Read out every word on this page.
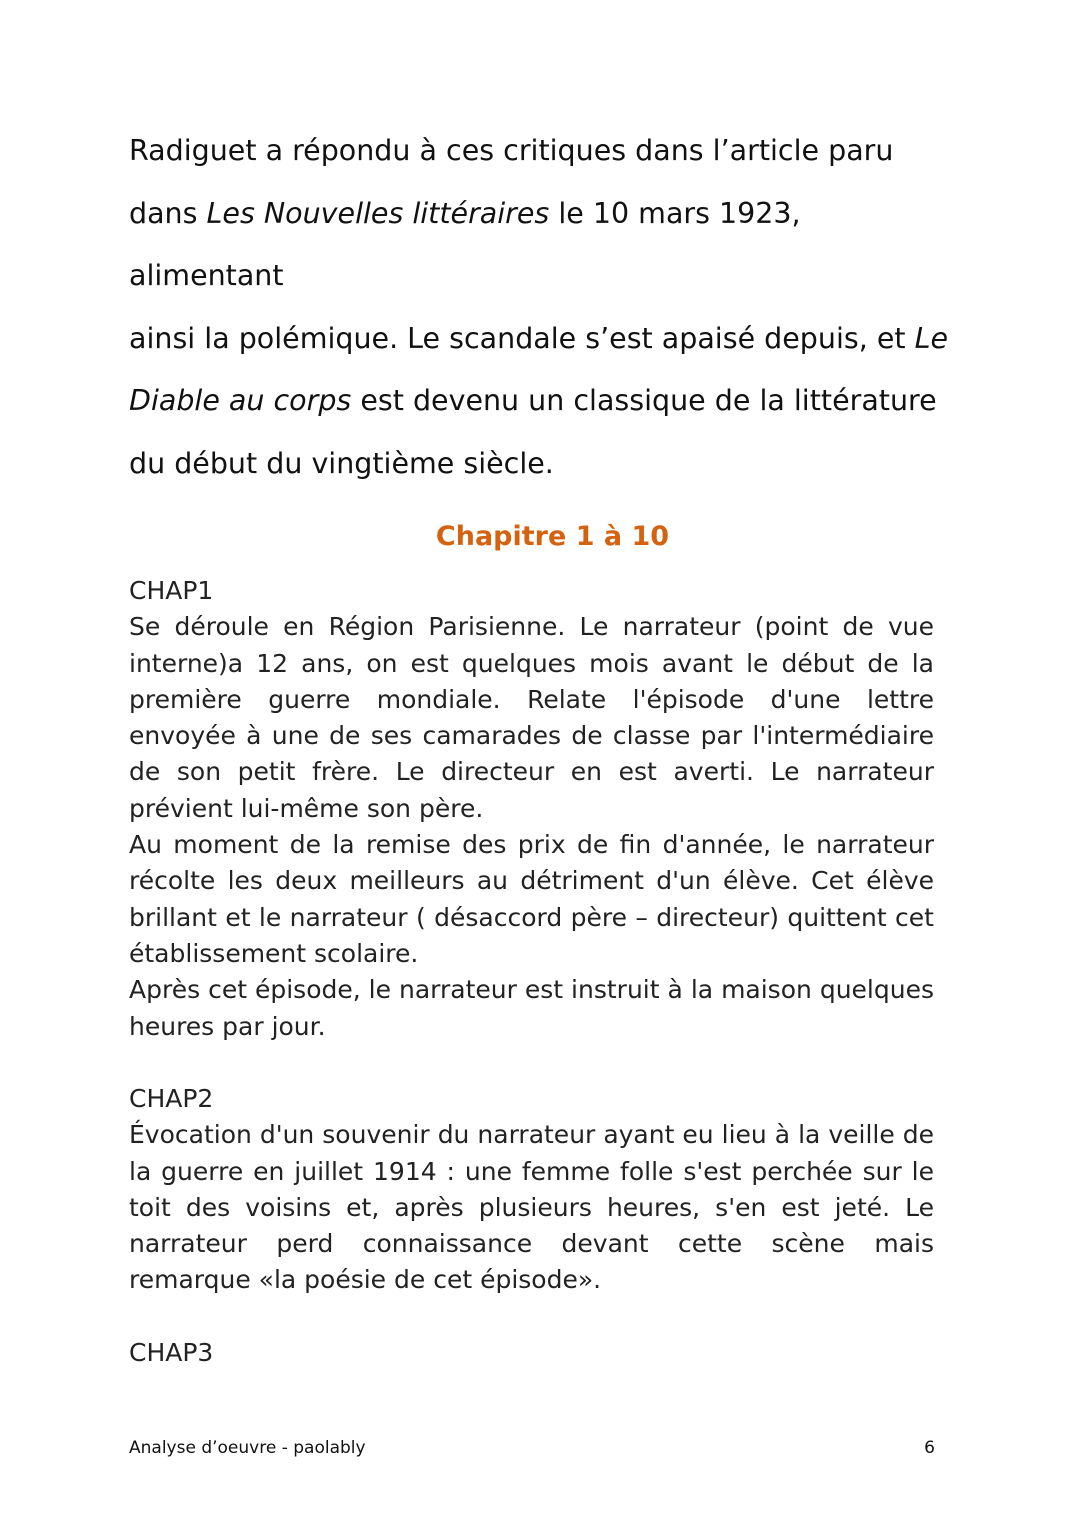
Radiguet a répondu à ces critiques dans l’article paru

dans Les Nouvelles littéraires le 10 mars 1923, alimentant

ainsi la polémique. Le scandale s’est apaisé depuis, et Le

Diable au corps est devenu un classique de la littérature

du début du vingtième siècle.

Chapitre 1 à 10

CHAP1

Se déroule en Région Parisienne. Le narrateur (point de vue interne)a 12 ans, on est quelques mois avant le début de la première guerre mondiale. Relate l'épisode d'une lettre envoyée à une de ses camarades de classe par l'intermédiaire de son petit frère. Le directeur en est averti. Le narrateur prévient lui-même son père.

Au moment de la remise des prix de fin d'année, le narrateur récolte les deux meilleurs au détriment d'un élève. Cet élève brillant et le narrateur ( désaccord père – directeur) quittent cet établissement scolaire.

Après cet épisode, le narrateur est instruit à la maison quelques heures par jour.

CHAP2

Évocation d'un souvenir du narrateur ayant eu lieu à la veille de la guerre en juillet 1914 : une femme folle s'est perchée sur le toit des voisins et, après plusieurs heures, s'en est jeté. Le narrateur perd connaissance devant cette scène mais remarque «la poésie de cet épisode».

CHAP3

Analyse d’oeuvre - paolably	6
